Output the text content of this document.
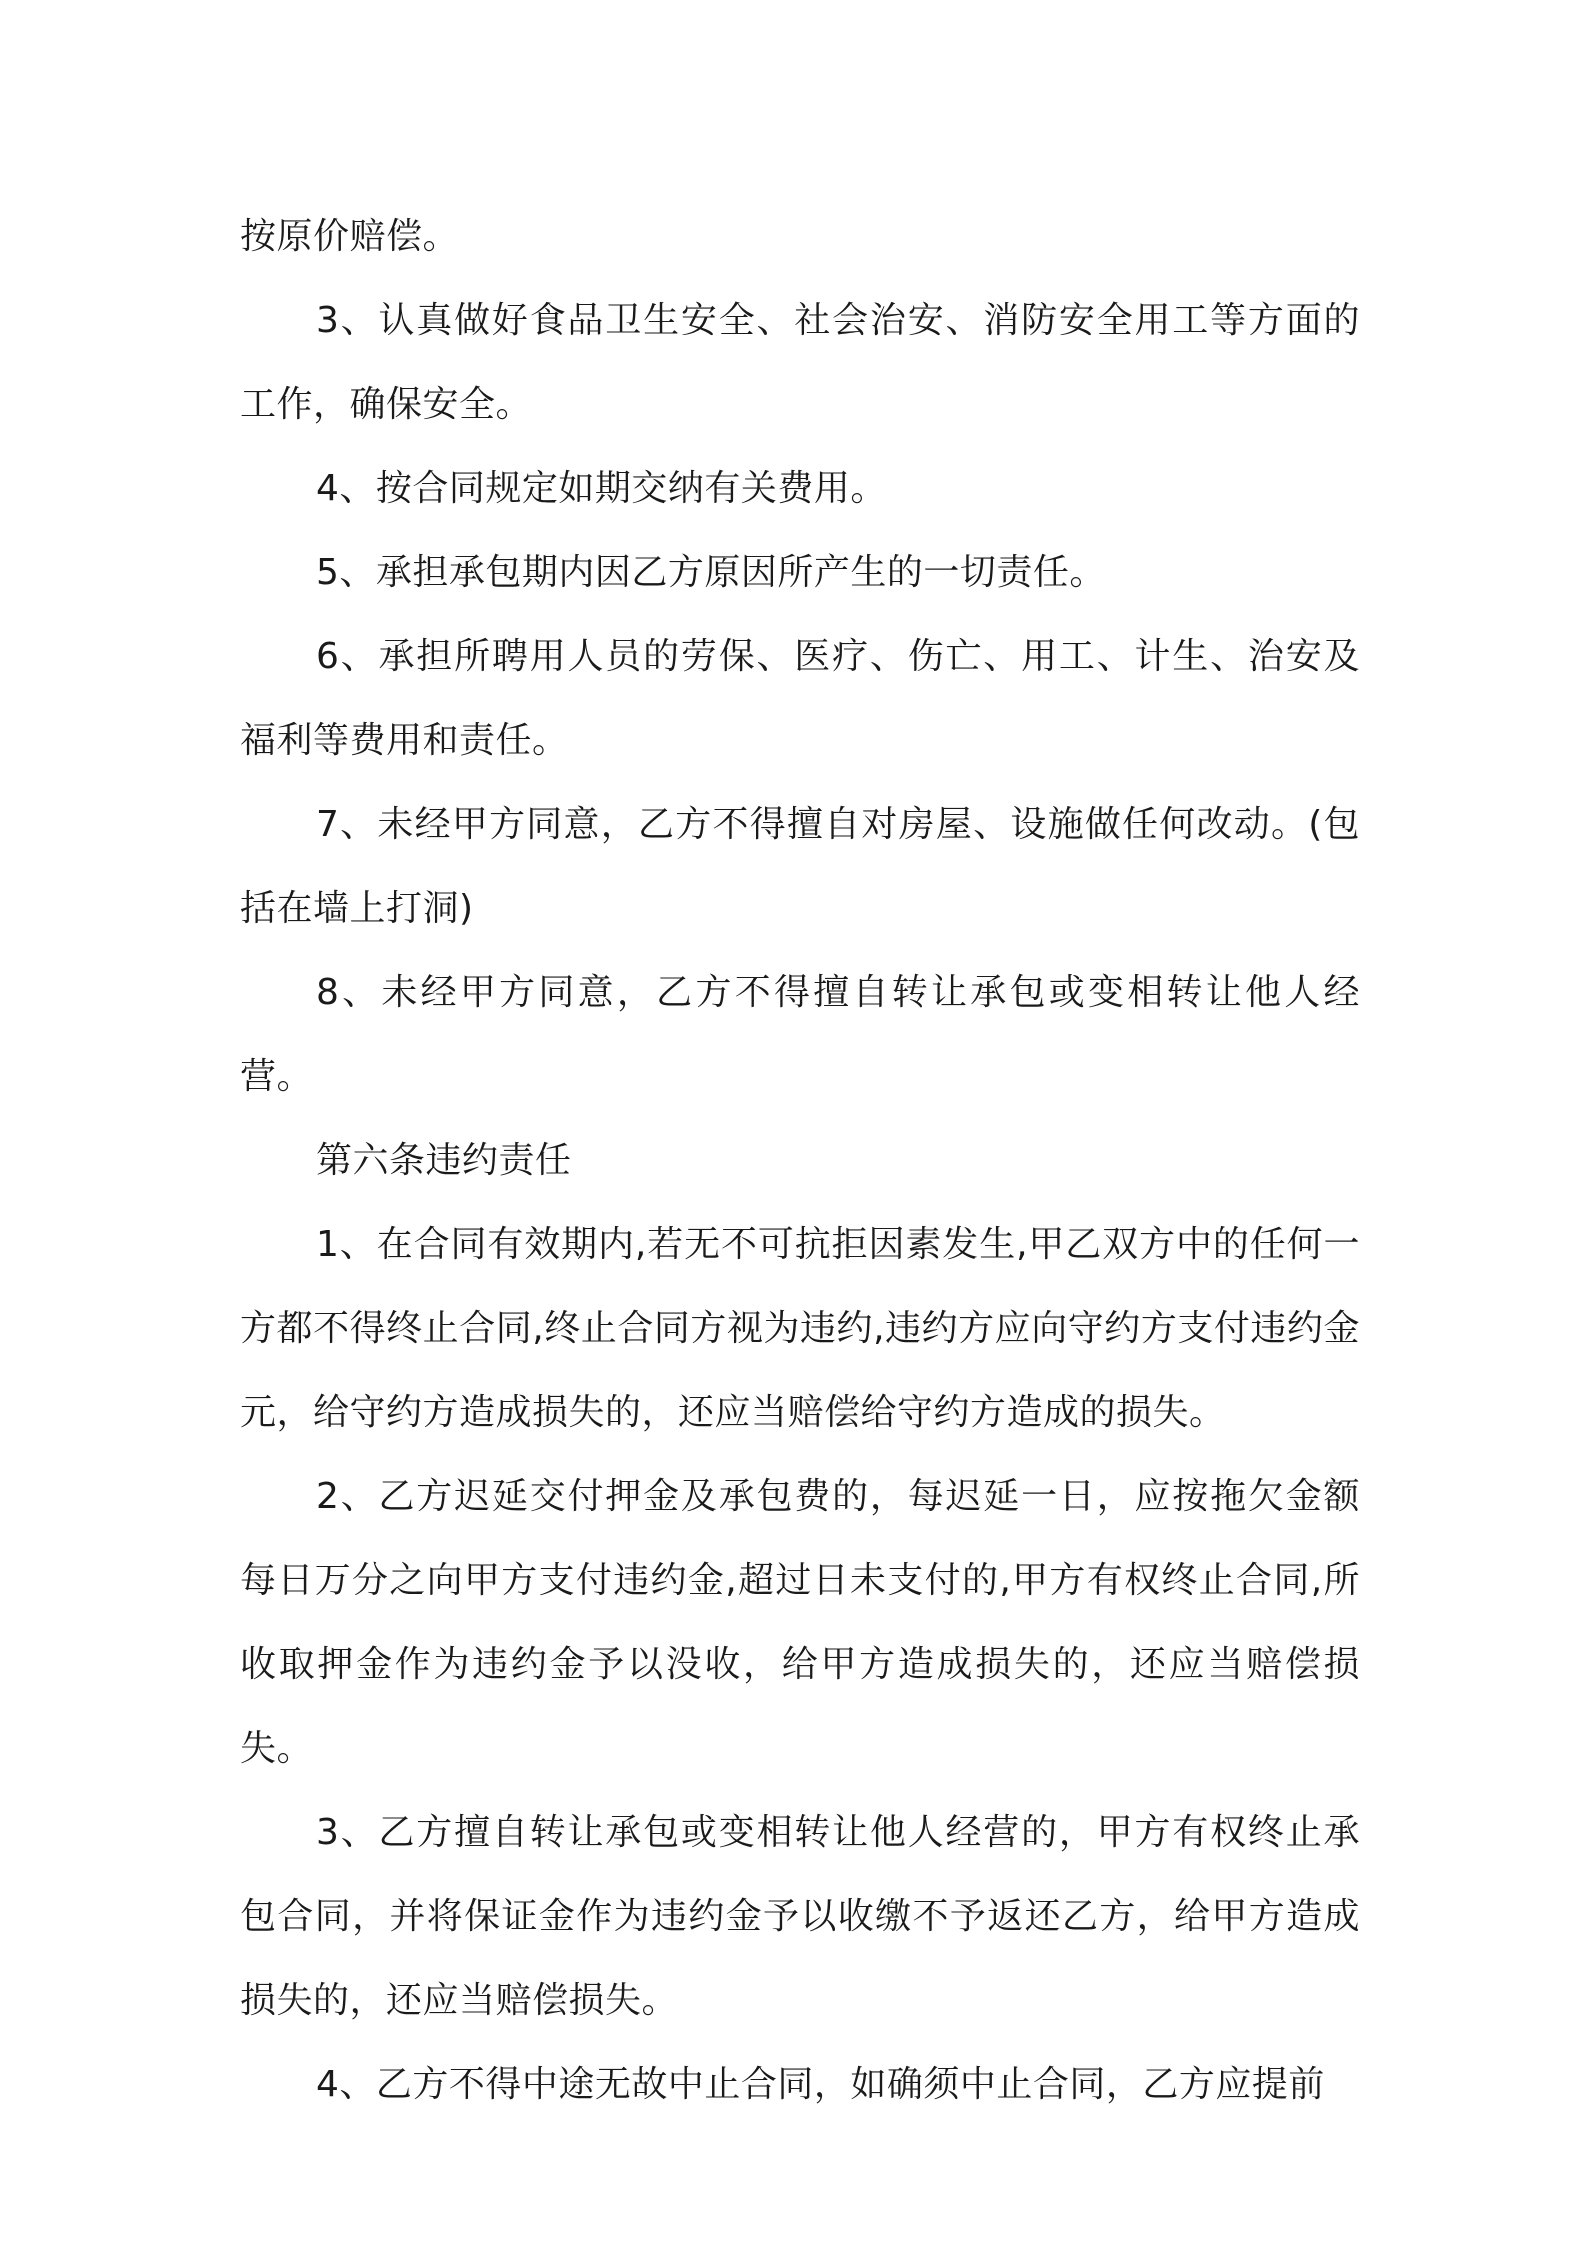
按原价赔偿。

3、认真做好食品卫生安全、社会治安、消防安全用工等方面的工作，确保安全。

4、按合同规定如期交纳有关费用。

5、承担承包期内因乙方原因所产生的一切责任。

6、承担所聘用人员的劳保、医疗、伤亡、用工、计生、治安及福利等费用和责任。

7、未经甲方同意，乙方不得擅自对房屋、设施做任何改动。(包括在墙上打洞)

8、未经甲方同意，乙方不得擅自转让承包或变相转让他人经营。

第六条违约责任

1、在合同有效期内,若无不可抗拒因素发生,甲乙双方中的任何一方都不得终止合同,终止合同方视为违约,违约方应向守约方支付违约金元，给守约方造成损失的，还应当赔偿给守约方造成的损失。

2、乙方迟延交付押金及承包费的，每迟延一日，应按拖欠金额每日万分之向甲方支付违约金,超过日未支付的,甲方有权终止合同,所收取押金作为违约金予以没收，给甲方造成损失的，还应当赔偿损失。

3、乙方擅自转让承包或变相转让他人经营的，甲方有权终止承包合同，并将保证金作为违约金予以收缴不予返还乙方，给甲方造成损失的，还应当赔偿损失。

4、乙方不得中途无故中止合同，如确须中止合同，乙方应提前
